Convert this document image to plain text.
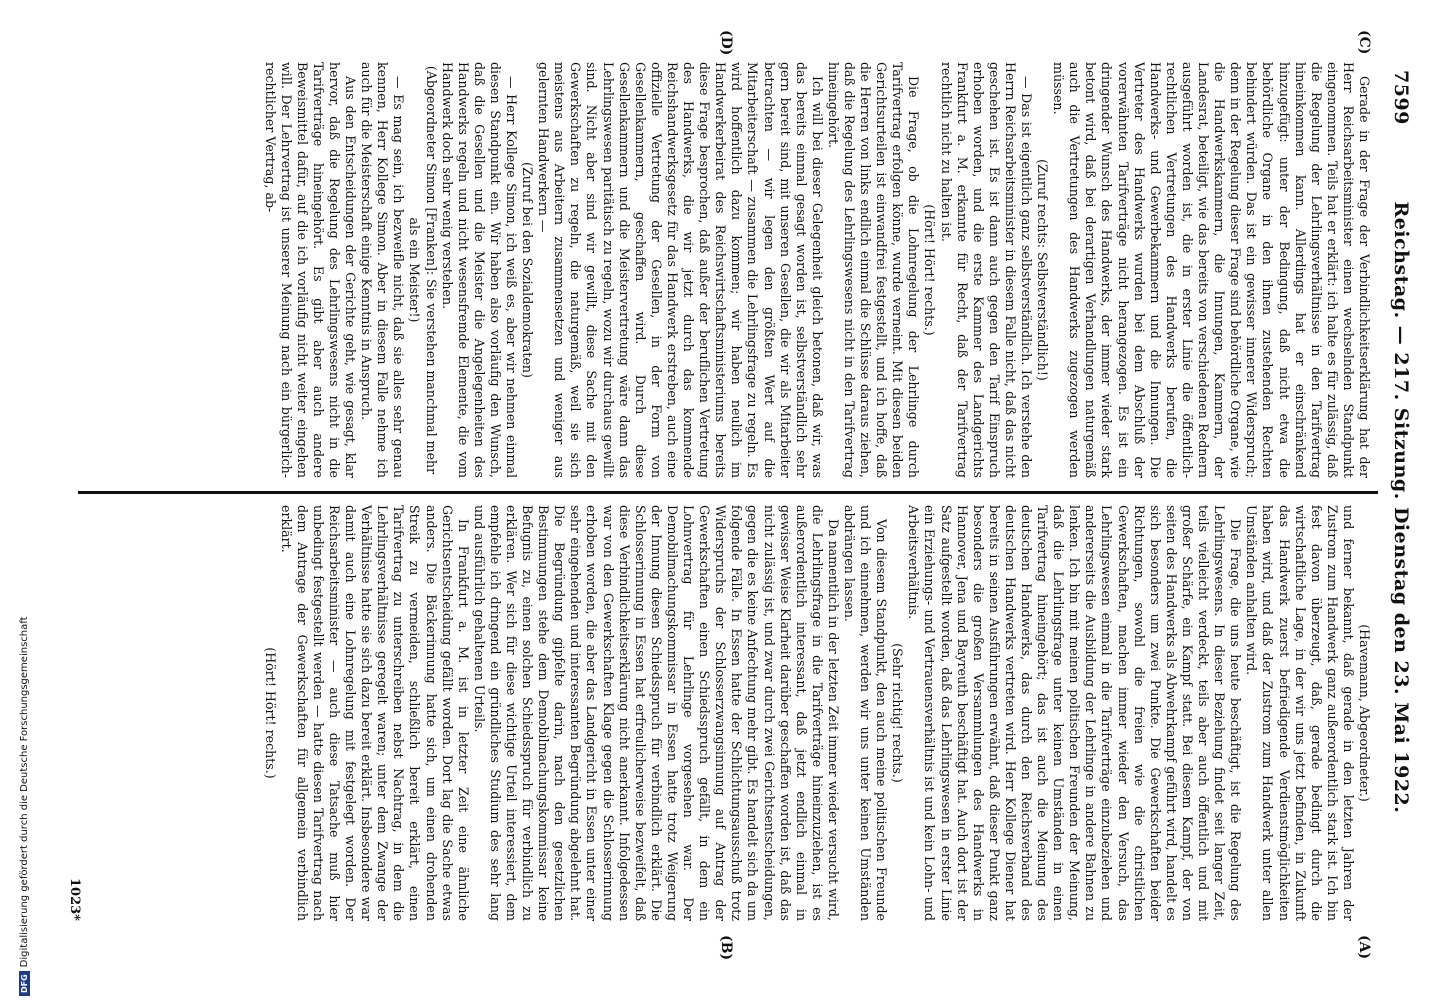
7599
Reichstag. — 217. Sitzung. Dienstag den 23. Mai 1922.
(C)
(D)
(A)
(B)

Gerade in der Frage der Verbindlichkeitserklärung hat der Herr Reichsarbeitsminister einen wechselnden Standpunkt eingenommen. Teils hat er erklärt: ich halte es für zulässig, daß die Regelung der Lehrlingsverhältnisse in den Tarifvertrag hineinkommen kann. Allerdings hat er einschränkend hinzugefügt: unter der Bedingung, daß nicht etwa die behördliche Organe in den ihnen zustehenden Rechten behindert würden. Das ist ein gewisser innerer Widerspruch; denn in der Regelung dieser Frage sind behördliche Organe, wie die Handwerkskammern, die Innungen, Kammern, der Landesrat, beteiligt, wie das bereits von verschiedenen Rednern ausgeführt worden ist, die in erster Linie die öffentlich-rechtlichen Vertretungen des Handwerks berufen, die Handwerks- und Gewerbekammern und die Innungen. Die Vertreter des Handwerks wurden bei dem Abschluß der vorerwähnten Tarifverträge nicht herangezogen. Es ist ein dringender Wunsch des Handwerks, der immer wieder stark betont wird, daß bei derartigen Verhandlungen naturgemäß auch die Vertretungen des Handwerks zugezogen werden müssen.

(Zuruf rechts: Selbstverständlich!)

— Das ist eigentlich ganz selbstverständlich. Ich verstehe den Herrn Reichsarbeitsminister in diesem Falle nicht, daß das nicht geschehen ist. Es ist dann auch gegen den Tarif Einspruch erhoben worden, und die erste Kammer des Landgerichts Frankfurt a. M. erkannte für Recht, daß der Tarifvertrag rechtlich nicht zu halten ist.

(Hört! Hört! rechts.)

Die Frage, ob die Lohnregelung der Lehrlinge durch Tarifvertrag erfolgen könne, wurde verneint. Mit diesen beiden Gerichtsurteilen ist einwandfrei festgestellt, und ich hoffe, daß die Herren von links endlich einmal die Schlüsse daraus ziehen, daß die Regelung des Lehrlingswesens nicht in den Tarifvertrag hineingehört.

Ich will bei dieser Gelegenheit gleich betonen, daß wir, was das bereits einmal gesagt worden ist, selbstverständlich sehr gern bereit sind, mit unseren Gesellen, die wir als Mitarbeiter betrachten — wir legen den größten Wert auf die Mitarbeiterschaft — zusammen die Lehrlingsfrage zu regeln. Es wird hoffentlich dazu kommen; wir haben neulich im Handwerkerbeirat des Reichswirtschaftsministeriums bereits diese Frage besprochen, daß außer der beruflichen Vertretung des Handwerks, die wir jetzt durch das kommende Reichshandwerksgesetz für das Handwerk erstreben, auch eine offizielle Vertretung der Gesellen, in der Form von Gesellenkammern, geschaffen wird. Durch diese Gesellenkammern und die Meistervertretung wäre dann das Lehrlingswesen paritätisch zu regeln, wozu wir durchaus gewillt sind. Nicht aber sind wir gewillt, diese Sache mit den Gewerkschaften zu regeln, die naturgemäß, weil sie sich meistens aus Arbeitern zusammensetzen und weniger aus gelernten Handwerkern —

(Zuruf bei den Sozialdemokraten)

— Herr Kollege Simon, ich weiß es, aber wir nehmen einmal diesen Standpunkt ein. Wir haben also vorläufig den Wunsch, daß die Gesellen und die Meister die Angelegenheiten des Handwerks regeln und nicht wesensfremde Elemente, die vom Handwerk doch sehr wenig verstehen.

(Abgeordneter Simon [Franken]: Sie verstehen manchmal mehr als ein Meister!)

— Es mag sein, ich bezweifle nicht, daß sie alles sehr genau kennen, Herr Kollege Simon. Aber in diesem Falle nehme ich auch für die Meisterschaft einige Kenntnis in Anspruch.

Aus den Entscheidungen der Gerichte geht, wie gesagt, klar hervor, daß die Regelung des Lehrlingswesens nicht in die Tarifverträge hineingehört. Es gibt aber auch andere Beweismittel dafür, auf die ich vorläufig nicht weiter eingehen will. Der Lehrvertrag ist unserer Meinung nach ein bürgerlich-rechtlicher Vertrag, ab-

(Havemann, Abgeordneter.)

und ferner bekannt, daß gerade in den letzten Jahren der Zustrom zum Handwerk ganz außerordentlich stark ist. Ich bin fest davon überzeugt, daß, gerade bedingt durch die wirtschaftliche Lage, in der wir uns jetzt befinden, in Zukunft das Handwerk zuerst befriedigende Verdienstmöglichkeiten haben wird, und daß der Zustrom zum Handwerk unter allen Umständen anhalten wird.

Die Frage, die uns heute beschäftigt, ist die Regelung des Lehrlingswesens. In dieser Beziehung findet seit langer Zeit, teils vielleicht verdeckt, teils aber auch öffentlich und mit großer Schärfe, ein Kampf statt. Bei diesem Kampf, der von seiten des Handwerks als Abwehrkampf geführt wird, handelt es sich besonders um zwei Punkte. Die Gewerkschaften beider Richtungen, sowohl die freien wie die christlichen Gewerkschaften, machen immer wieder den Versuch, das Lehrlingswesen einmal in die Tarifverträge einzubeziehen und andererseits die Ausbildung der Lehrlinge in andere Bahnen zu lenken. Ich bin mit meinen politischen Freunden der Meinung, daß die Lehrlingsfrage unter keinen Umständen in einen Tarifvertrag hineingehört; das ist auch die Meinung des deutschen Handwerks, das durch den Reichsverband des deutschen Handwerks vertreten wird. Herr Kollege Diener hat bereits in seinen Ausführungen erwähnt, daß dieser Punkt ganz besonders die großen Versammlungen des Handwerks in Hannover, Jena und Bayreuth beschäftigt hat. Auch dort ist der Satz aufgestellt worden, daß das Lehrlingswesen in erster Linie ein Erziehungs- und Vertrauensverhältnis ist und kein Lohn- und Arbeitsverhältnis.

(Sehr richtig! rechts.)

Von diesem Standpunkt, den auch meine politischen Freunde und ich einnehmen, werden wir uns unter keinen Umständen abdrängen lassen.

Da namentlich in der letzten Zeit immer wieder versucht wird, die Lehrlingsfrage in die Tarifverträge hineinzuziehen, ist es außerordentlich interessant, daß jetzt endlich einmal in gewisser Weise Klarheit darüber geschaffen worden ist, daß das nicht zulässig ist, und zwar durch zwei Gerichtsentscheidungen, gegen die es keine Anfechtung mehr gibt. Es handelt sich da um folgende Fälle. In Essen hatte der Schlichtungsausschuß trotz Widerspruchs der Schlosserzwangsinnung auf Antrag der Gewerkschaften einen Schiedsspruch gefällt, in dem ein Lohnvertrag für Lehrlinge vorgesehen war. Der Demobilmachungskommissar in Essen hatte trotz Weigerung der Innung diesen Schiedsspruch für verbindlich erklärt. Die Schlosserinnung in Essen hat erfreulicherweise bezweifelt, daß diese Verbindlichkeitserklärung nicht anerkannt. Infolgedessen war von den Gewerkschaften Klage gegen die Schlosserinnung erhoben worden, die aber das Landgericht in Essen unter einer sehr eingehenden und interessanten Begründung abgelehnt hat. Die Begründung gipfelte darin, nach den gesetzlichen Bestimmungen stehe dem Demobilmachungskommissar keine Befugnis zu, einen solchen Schiedsspruch für verbindlich zu erklären. Wer sich für diese wichtige Urteil interessiert, dem empfehle ich dringend ein gründliches Studium des sehr lang und ausführlich gehaltenen Urteils.

In Frankfurt a. M. ist in letzter Zeit eine ähnliche Gerichtsentscheidung gefällt worden. Dort lag die Sache etwas anders. Die Bäckerinnung hatte sich, um einen drohenden Streik zu vermeiden, schließlich bereit erklärt, einen Tarifvertrag zu unterschreiben nebst Nachtrag, in dem die Lehrlingsverhältnisse geregelt waren; unter dem Zwange der Verhältnisse hatte sie sich dazu bereit erklärt. Insbesondere war damit auch eine Lohnregelung mit festgelegt worden. Der Reichsarbeitsminister — auch diese Tatsache muß hier unbedingt festgestellt werden — hatte diesen Tarifvertrag nach dem Antrage der Gewerkschaften für allgemein verbindlich erklärt.

(Hört! Hört! rechts.)

1023*
DFGDigitalisierung gefördert durch die Deutsche Forschungsgemeinschaft
